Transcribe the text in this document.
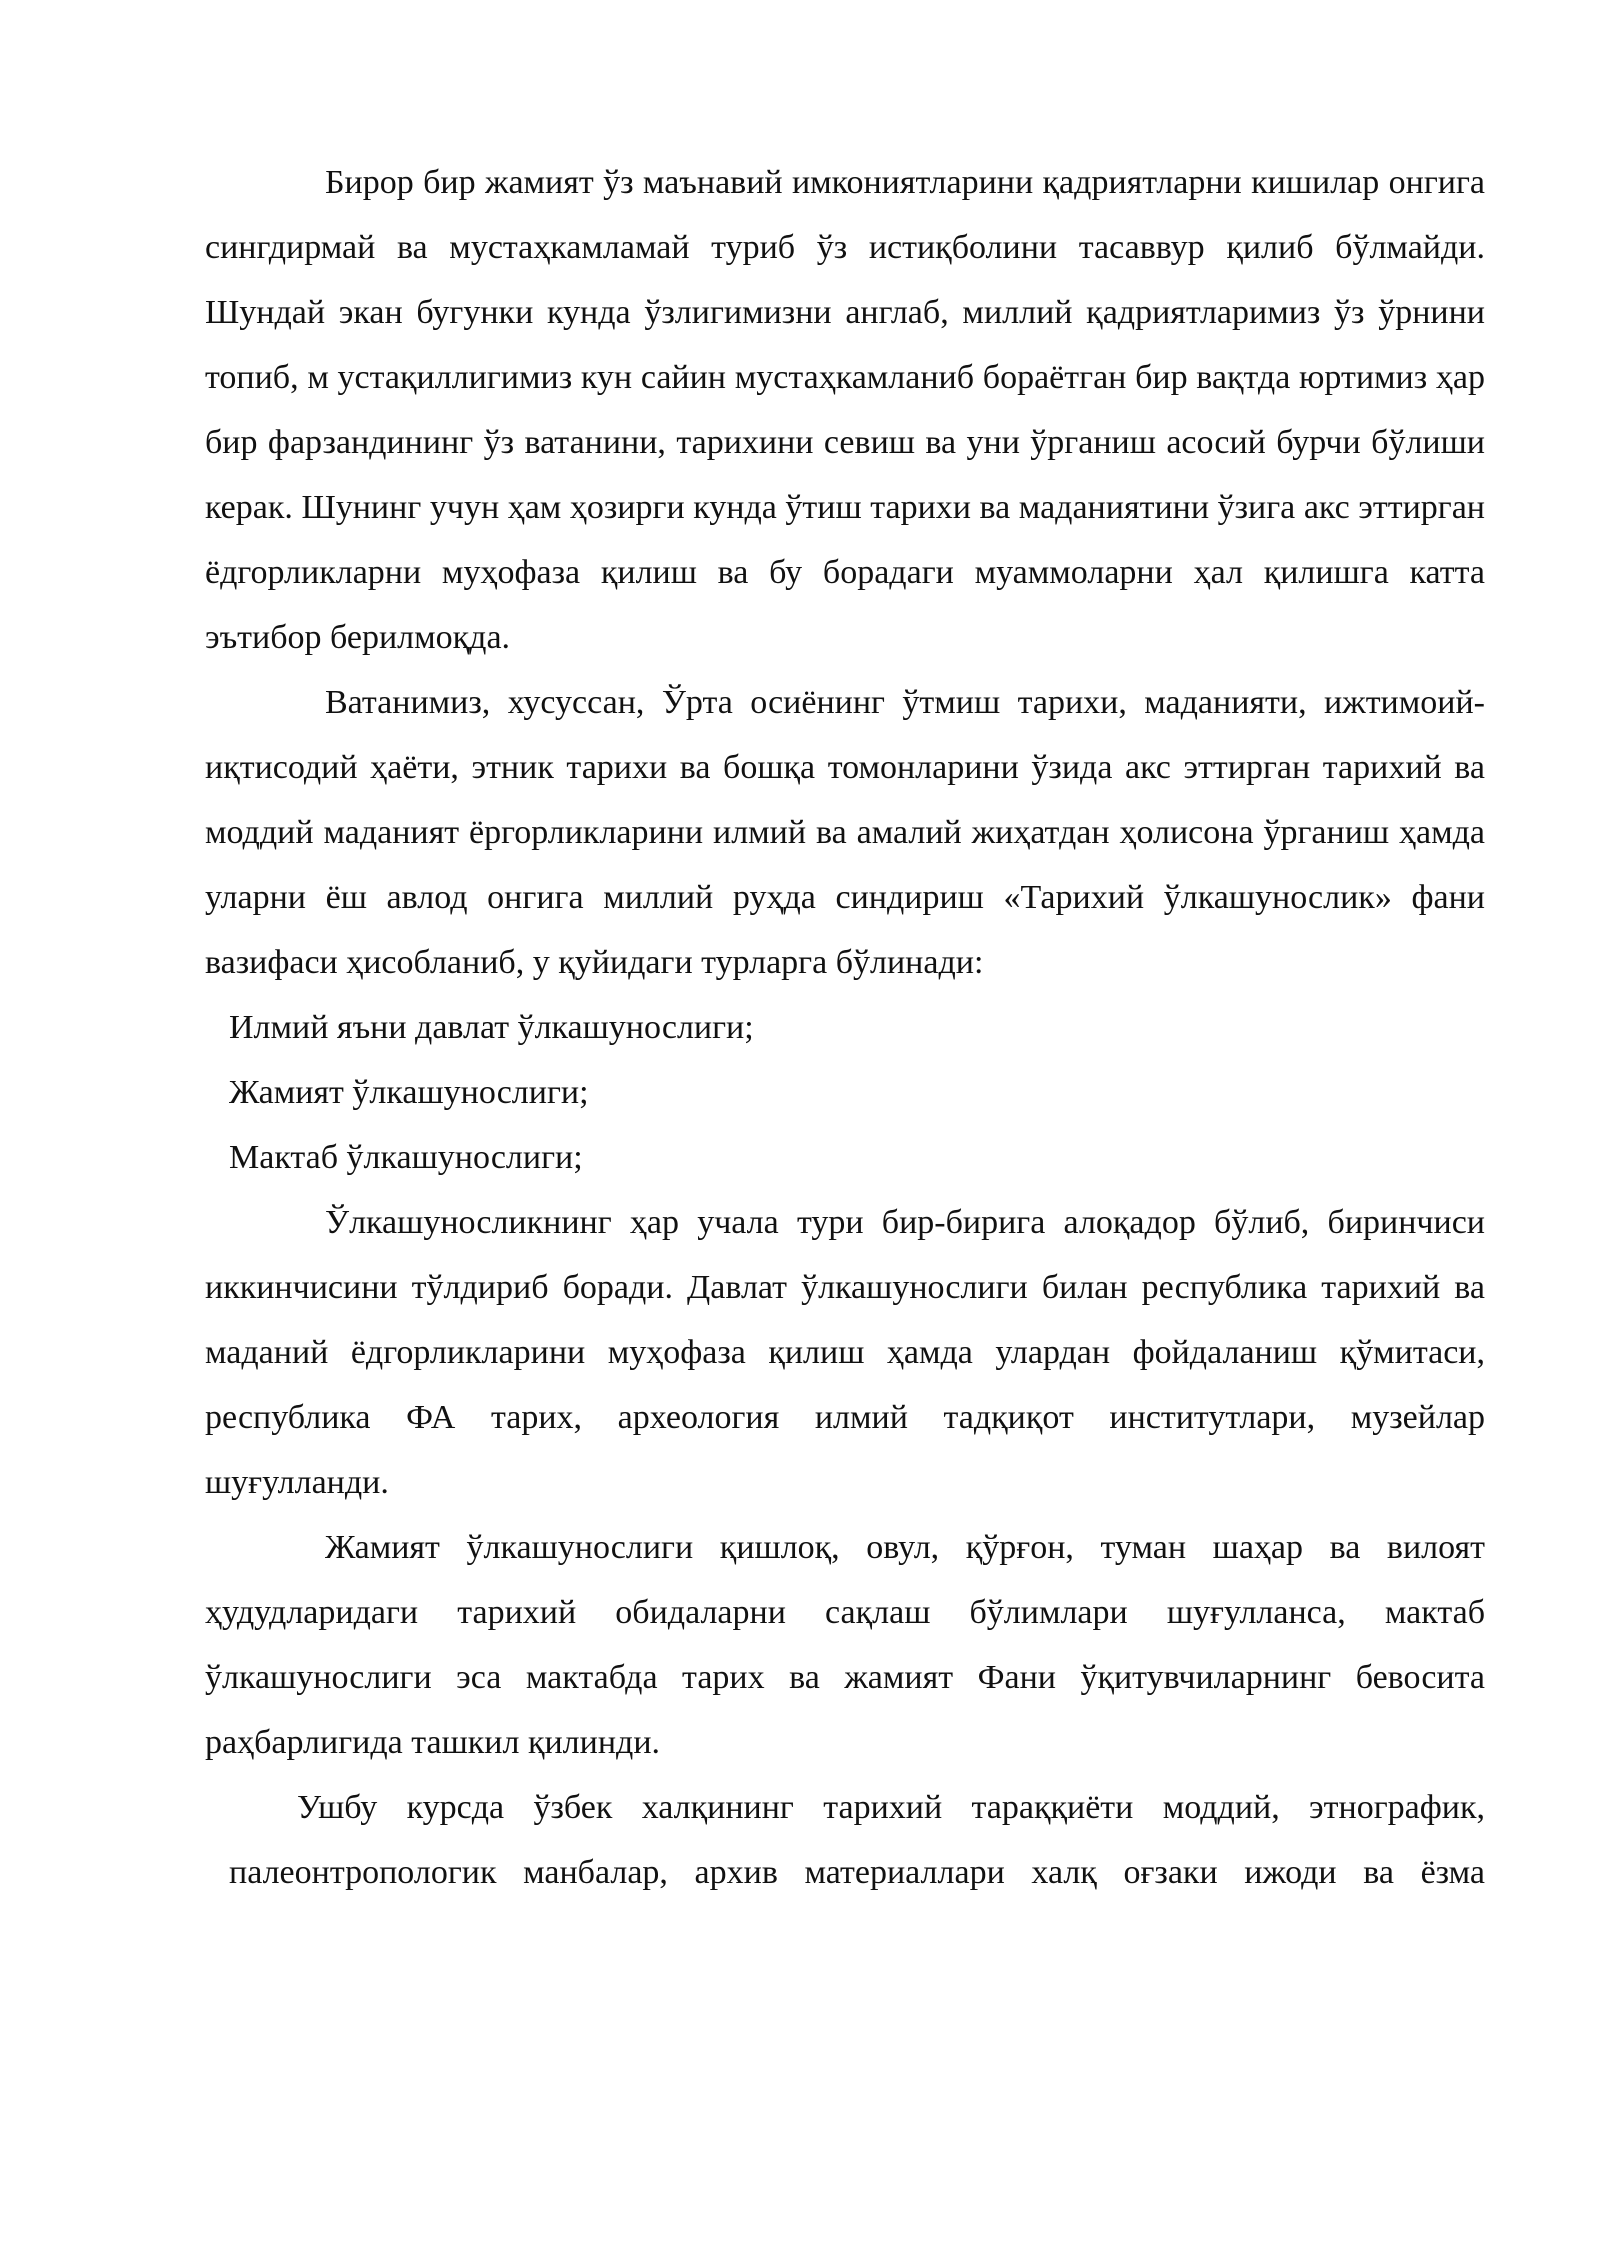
Бирор бир жамият ўз маънавий имкониятларини қадриятларни кишилар онгига сингдирмай ва мустаҳкамламай туриб ўз истиқболини тасаввур қилиб бўлмайди. Шундай экан бугунки кунда ўзлигимизни англаб, миллий қадриятларимиз ўз ўрнини топиб, м устақиллигимиз кун сайин мустаҳкамланиб бораётган бир вақтда юртимиз ҳар бир фарзандининг ўз ватанини, тарихини севиш ва уни ўрганиш асосий бурчи бўлиши керак. Шунинг учун ҳам ҳозирги кунда ўтиш тарихи ва маданиятини ўзига акс эттирган ёдгорликларни муҳофаза қилиш ва бу борадаги муаммоларни ҳал қилишга катта эътибор берилмоқда.

Ватанимиз, хусуссан, Ўрта осиёнинг ўтмиш тарихи, маданияти, ижтимоий-иқтисодий ҳаёти, этник тарихи ва бошқа томонларини ўзида акс эттирган тарихий ва моддий маданият ёргорликларини илмий ва амалий жиҳатдан ҳолисона ўрганиш ҳамда уларни ёш авлод онгига миллий руҳда синдириш «Тарихий ўлкашунослик» фани вазифаси ҳисобланиб, у қуйидаги турларга бўлинади:

Илмий яъни давлат ўлкашунослиги;

Жамият ўлкашунослиги;

Мактаб ўлкашунослиги;

Ўлкашуносликнинг ҳар учала тури бир-бирига алоқадор бўлиб, биринчиси иккинчисини тўлдириб боради. Давлат ўлкашунослиги билан республика тарихий ва маданий ёдгорликларини муҳофаза қилиш ҳамда улардан фойдаланиш қўмитаси, республика ФА тарих, археология илмий тадқиқот институтлари, музейлар шуғулланди.

Жамият ўлкашунослиги қишлоқ, овул, қўрғон, туман шаҳар ва вилоят ҳудудларидаги тарихий обидаларни сақлаш бўлимлари шуғулланса, мактаб ўлкашунослиги эса мактабда тарих ва жамият Фани ўқитувчиларнинг бевосита раҳбарлигида ташкил қилинди.

Ушбу курсда ўзбек халқининг тарихий тараққиёти моддий, этнографик,

палеонтропологик манбалар, архив материаллари халқ оғзаки ижоди ва ёзма
